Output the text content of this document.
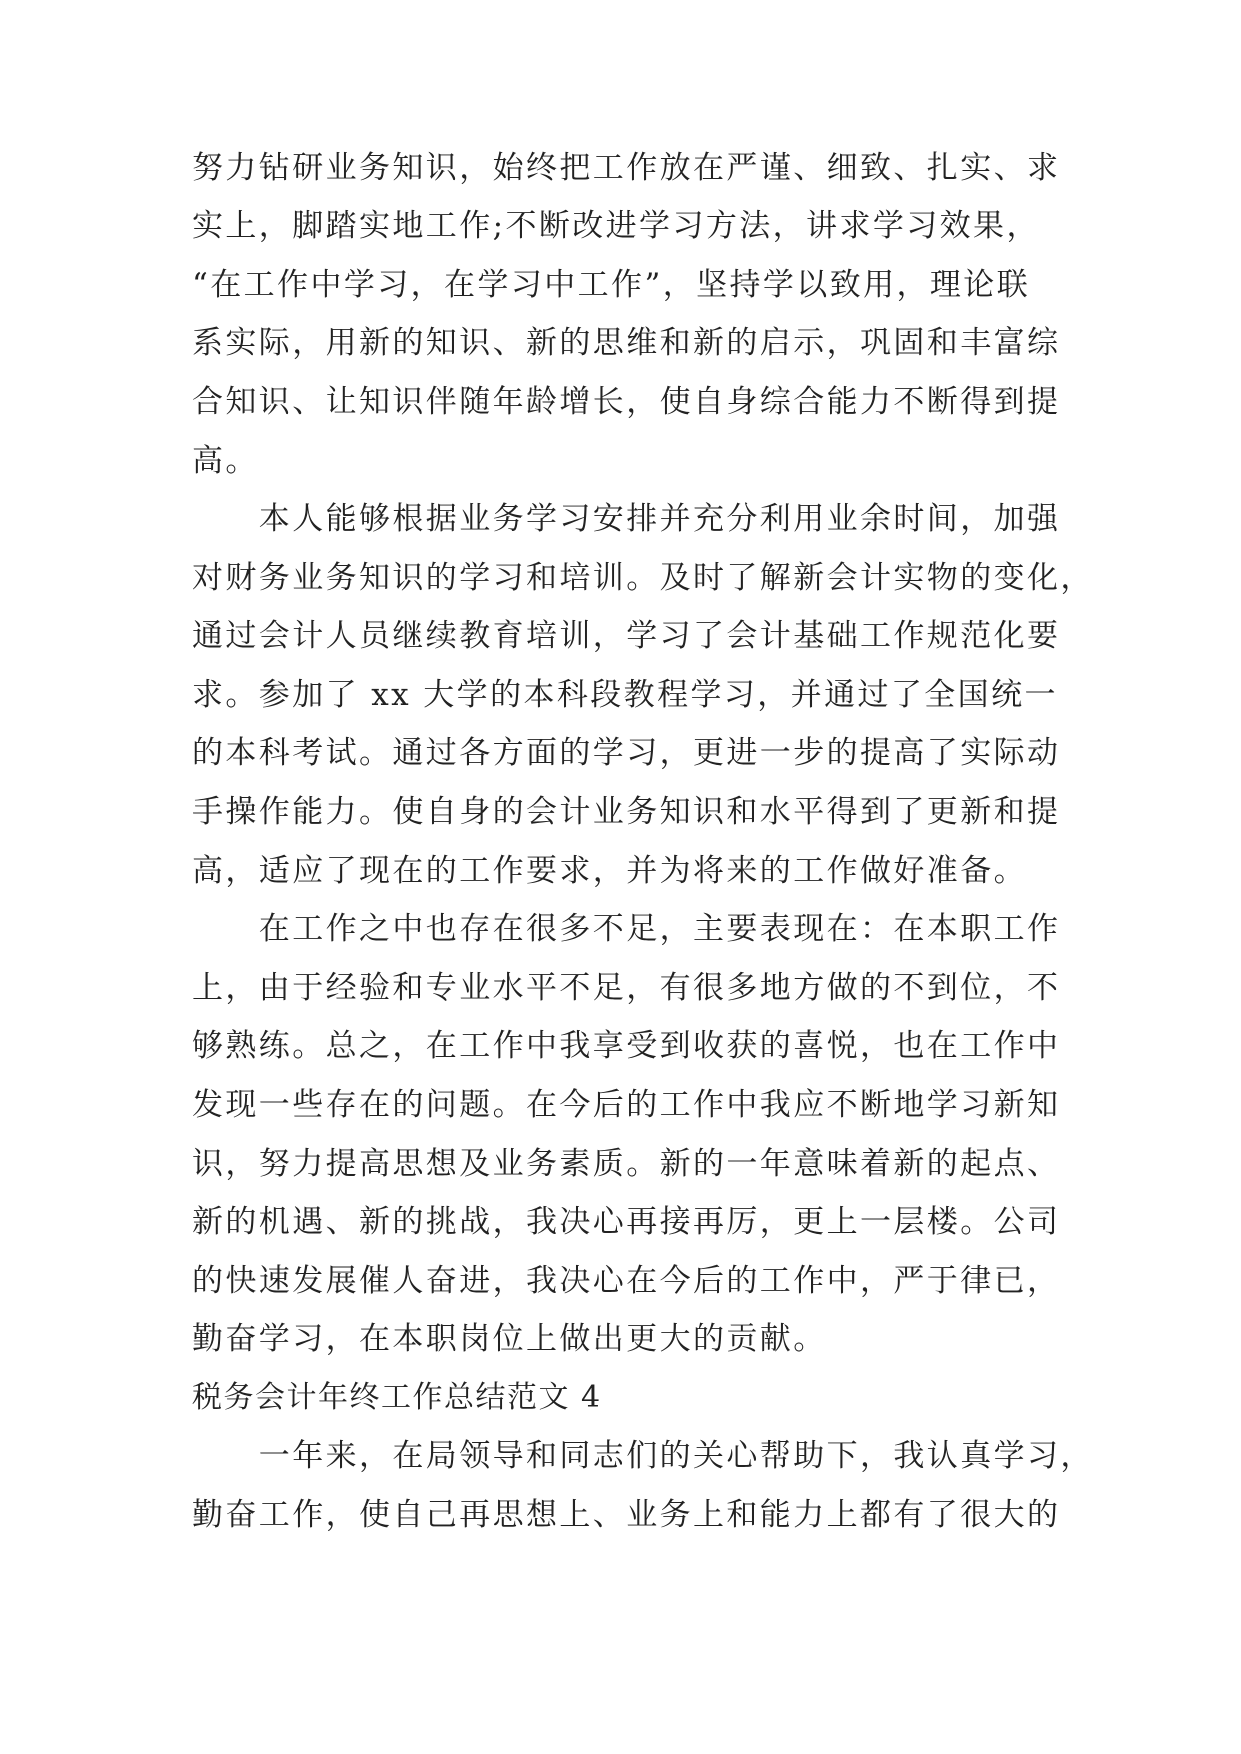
努力钻研业务知识，始终把工作放在严谨、细致、扎实、求
实上，脚踏实地工作;不断改进学习方法，讲求学习效果，
“在工作中学习，在学习中工作”，坚持学以致用，理论联
系实际，用新的知识、新的思维和新的启示，巩固和丰富综
合知识、让知识伴随年龄增长，使自身综合能力不断得到提
高。
　　本人能够根据业务学习安排并充分利用业余时间，加强
对财务业务知识的学习和培训。及时了解新会计实物的变化，
通过会计人员继续教育培训，学习了会计基础工作规范化要
求。参加了 xx 大学的本科段教程学习，并通过了全国统一
的本科考试。通过各方面的学习，更进一步的提高了实际动
手操作能力。使自身的会计业务知识和水平得到了更新和提
高，适应了现在的工作要求，并为将来的工作做好准备。
　　在工作之中也存在很多不足，主要表现在：在本职工作
上，由于经验和专业水平不足，有很多地方做的不到位，不
够熟练。总之，在工作中我享受到收获的喜悦，也在工作中
发现一些存在的问题。在今后的工作中我应不断地学习新知
识，努力提高思想及业务素质。新的一年意味着新的起点、
新的机遇、新的挑战，我决心再接再厉，更上一层楼。公司
的快速发展催人奋进，我决心在今后的工作中，严于律已，
勤奋学习，在本职岗位上做出更大的贡献。
税务会计年终工作总结范文 4
　　一年来，在局领导和同志们的关心帮助下，我认真学习，
勤奋工作，使自己再思想上、业务上和能力上都有了很大的
